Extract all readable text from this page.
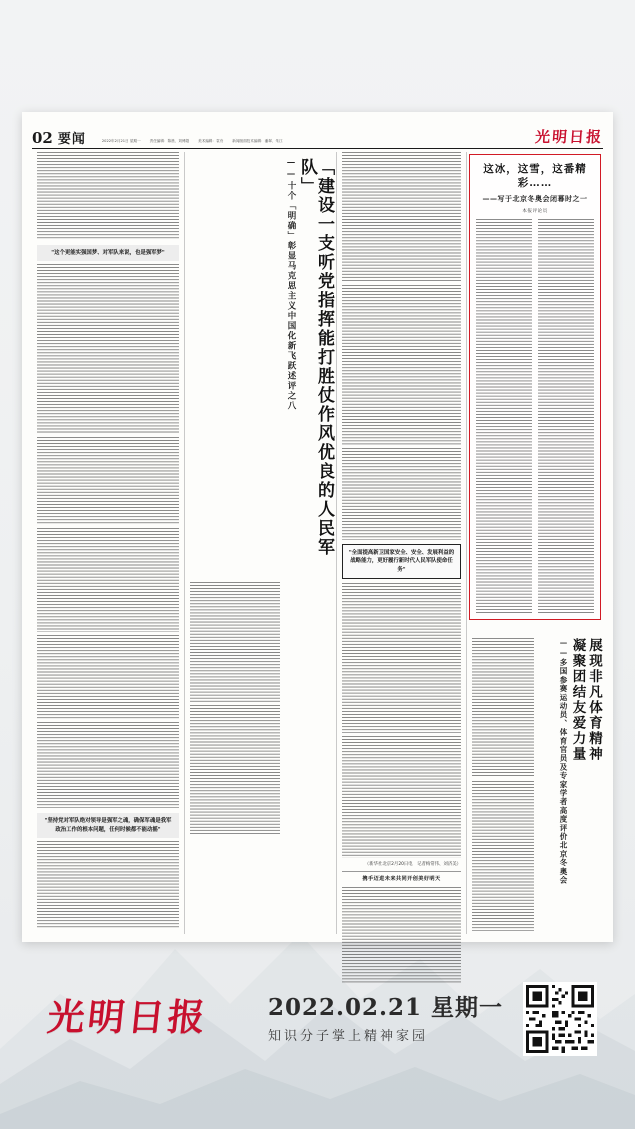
02 要闻	2022年2月21日 星期一	责任编辑：陈晨、刘博超	美术编辑：袁舟	新闻版面技术编辑：潘翠、朱江	光明日报
"这个更能实强国梦、对军队来说，也是强军梦"
"坚持党对军队绝对领导是强军之魂，确保军魂是我军政治工作的根本问题，任何时候都不能动摇"
「建设一支听党指挥能打胜仗作风优良的人民军队」
——十个「明确」彰显马克思主义中国化新飞跃述评之八
"全面提高新卫国家安全、安全、发展利益的战略能力，更好履行新时代人民军队使命任务"
（新华社北京2月20日电　记者梅常伟、刘济美）
携手迈进未来共同开创美好明天
这冰，这雪，这番精彩……
——写于北京冬奥会闭幕时之一
本报评论员
展现非凡体育精神
凝聚团结友爱力量
——多国参赛运动员、体育官员及专家学者高度评价北京冬奥会
光明日报	2022.02.21 星期一
知识分子掌上精神家园
